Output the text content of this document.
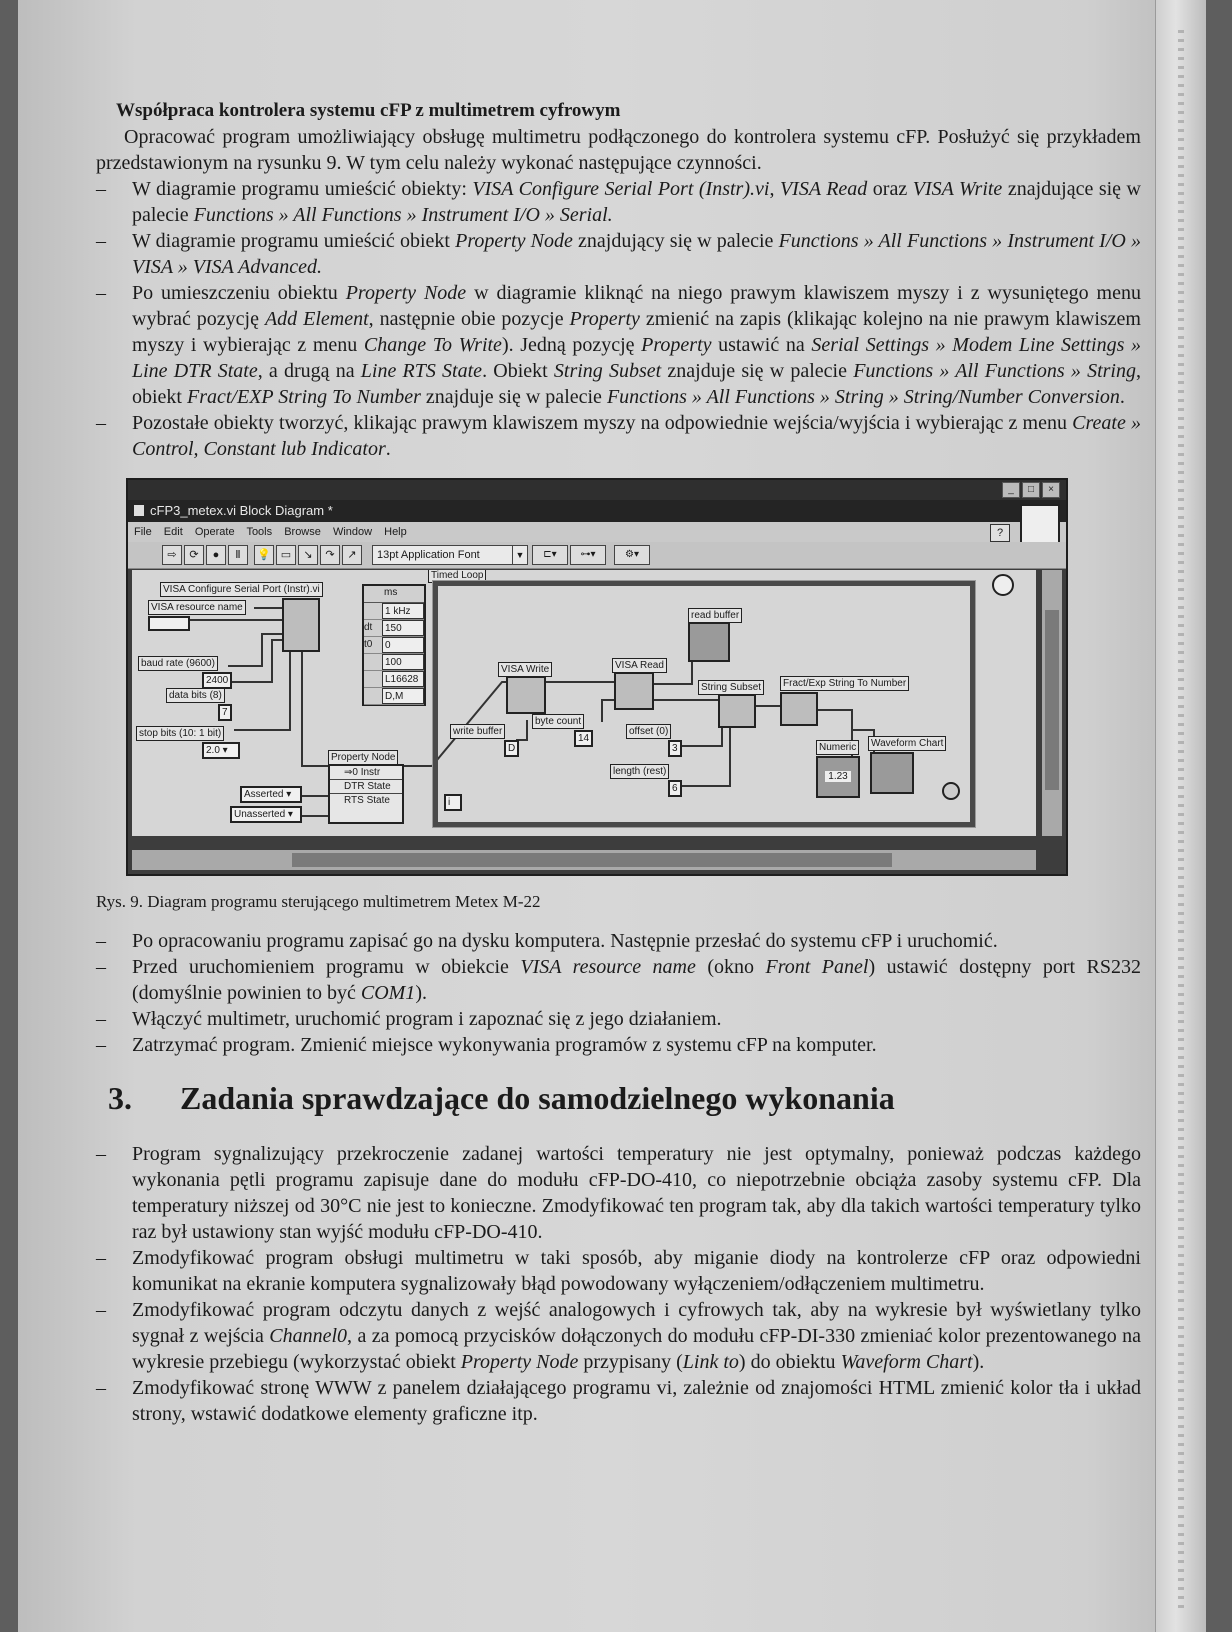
Współpraca kontrolera systemu cFP z multimetrem cyfrowym

Opracować program umożliwiający obsługę multimetru podłączonego do kontrolera systemu cFP. Posłużyć się przykładem przedstawionym na rysunku 9. W tym celu należy wykonać następujące czynności.

– W diagramie programu umieścić obiekty: VISA Configure Serial Port (Instr).vi, VISA Read oraz VISA Write znajdujące się w palecie Functions » All Functions » Instrument I/O » Serial.
– W diagramie programu umieścić obiekt Property Node znajdujący się w palecie Functions » All Functions » Instrument I/O » VISA » VISA Advanced.
– Po umieszczeniu obiektu Property Node w diagramie kliknąć na niego prawym klawiszem myszy i z wysuniętego menu wybrać pozycję Add Element, następnie obie pozycje Property zmienić na zapis (klikając kolejno na nie prawym klawiszem myszy i wybierając z menu Change To Write). Jedną pozycję Property ustawić na Serial Settings » Modem Line Settings » Line DTR State, a drugą na Line RTS State. Obiekt String Subset znajduje się w palecie Functions » All Functions » String, obiekt Fract/EXP String To Number znajduje się w palecie Functions » All Functions » String » String/Number Conversion.
– Pozostałe obiekty tworzyć, klikając prawym klawiszem myszy na odpowiednie wejścia/wyjścia i wybierając z menu Create » Control, Constant lub Indicator.
_	□	×
cFP3_metex.vi Block Diagram *
File Edit Operate Tools Browse Window Help	?
⇨	⟳	●	Ⅱ	💡 ▭	↘	↷	↗	13pt Application Font	▼	⊏▾	⊶▾	⚙▾
VISA Configure Serial Port (Instr).vi
VISA resource name
baud rate (9600)
2400
data bits (8)
7
stop bits (10: 1 bit)
2.0 ▾
ms
1 kHz
dt	150
t0	0
100
L16628
D,M
Timed Loop
i
Property Node
⇒0 Instr
DTR State
RTS State
Asserted ▾
Unasserted ▾
VISA Write	VISA Read
write buffer
D
byte count
14
read buffer
String Subset	Fract/Exp String To Number
offset (0)
3
length (rest)
6
Numeric
1.23
Waveform Chart
Rys. 9. Diagram programu sterującego multimetrem Metex M-22
– Po opracowaniu programu zapisać go na dysku komputera. Następnie przesłać do systemu cFP i uruchomić.
– Przed uruchomieniem programu w obiekcie VISA resource name (okno Front Panel) ustawić dostępny port RS232 (domyślnie powinien to być COM1).
– Włączyć multimetr, uruchomić program i zapoznać się z jego działaniem.
– Zatrzymać program. Zmienić miejsce wykonywania programów z systemu cFP na komputer.
3.	Zadania sprawdzające do samodzielnego wykonania
– Program sygnalizujący przekroczenie zadanej wartości temperatury nie jest optymalny, ponieważ podczas każdego wykonania pętli programu zapisuje dane do modułu cFP-DO-410, co niepotrzebnie obciąża zasoby systemu cFP. Dla temperatury niższej od 30°C nie jest to konieczne. Zmodyfikować ten program tak, aby dla takich wartości temperatury tylko raz był ustawiony stan wyjść modułu cFP-DO-410.
– Zmodyfikować program obsługi multimetru w taki sposób, aby miganie diody na kontrolerze cFP oraz odpowiedni komunikat na ekranie komputera sygnalizowały błąd powodowany wyłączeniem/odłączeniem multimetru.
– Zmodyfikować program odczytu danych z wejść analogowych i cyfrowych tak, aby na wykresie był wyświetlany tylko sygnał z wejścia Channel0, a za pomocą przycisków dołączonych do modułu cFP-DI-330 zmieniać kolor prezentowanego na wykresie przebiegu (wykorzystać obiekt Property Node przypisany (Link to) do obiektu Waveform Chart).
– Zmodyfikować stronę WWW z panelem działającego programu vi, zależnie od znajomości HTML zmienić kolor tła i układ strony, wstawić dodatkowe elementy graficzne itp.
